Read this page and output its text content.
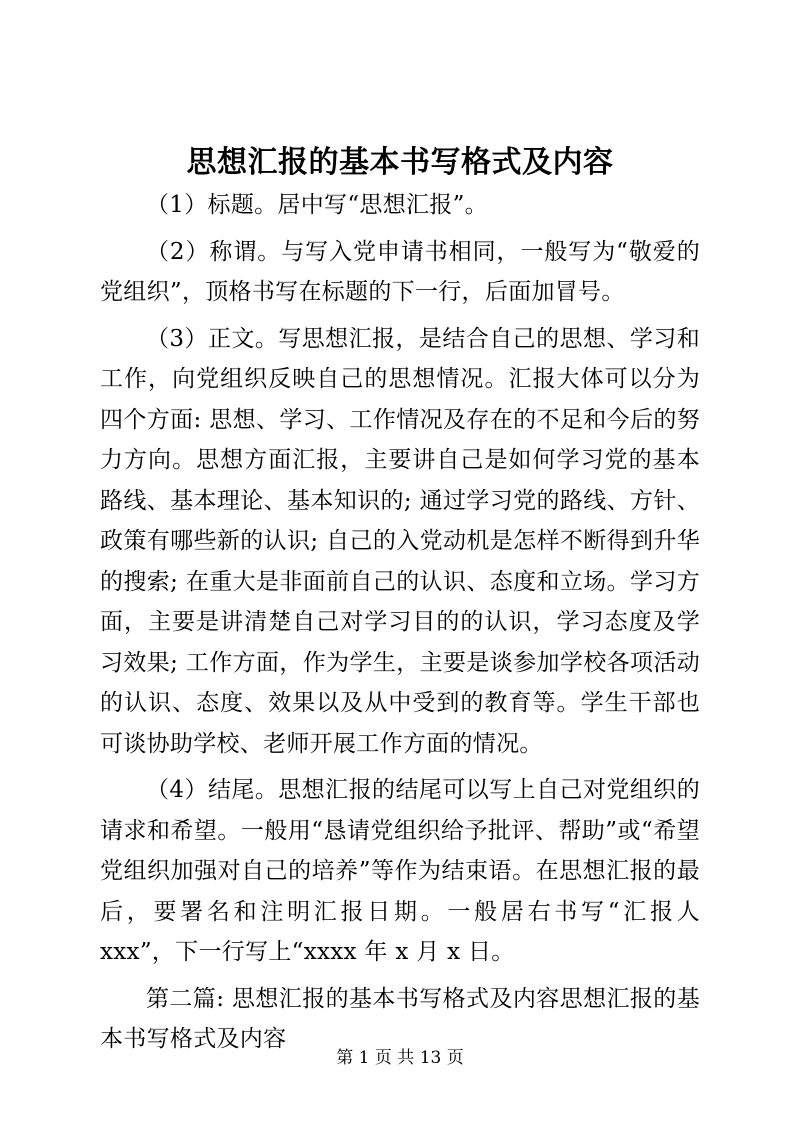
思想汇报的基本书写格式及内容

（1）标题。居中写“思想汇报”。

（2）称谓。与写入党申请书相同，一般写为“敬爱的党组织”，顶格书写在标题的下一行，后面加冒号。

（3）正文。写思想汇报，是结合自己的思想、学习和工作，向党组织反映自己的思想情况。汇报大体可以分为四个方面: 思想、学习、工作情况及存在的不足和今后的努力方向。思想方面汇报，主要讲自己是如何学习党的基本路线、基本理论、基本知识的; 通过学习党的路线、方针、政策有哪些新的认识; 自己的入党动机是怎样不断得到升华的搜索; 在重大是非面前自己的认识、态度和立场。学习方面，主要是讲清楚自己对学习目的的认识，学习态度及学习效果; 工作方面，作为学生，主要是谈参加学校各项活动的认识、态度、效果以及从中受到的教育等。学生干部也可谈协助学校、老师开展工作方面的情况。

（4）结尾。思想汇报的结尾可以写上自己对党组织的请求和希望。一般用“恳请党组织给予批评、帮助”或“希望党组织加强对自己的培养”等作为结束语。在思想汇报的最后，要署名和注明汇报日期。一般居右书写“汇报人 xxx”，下一行写上“xxxx 年 x 月 x 日。

第二篇: 思想汇报的基本书写格式及内容思想汇报的基本书写格式及内容

第 1 页 共 13 页
